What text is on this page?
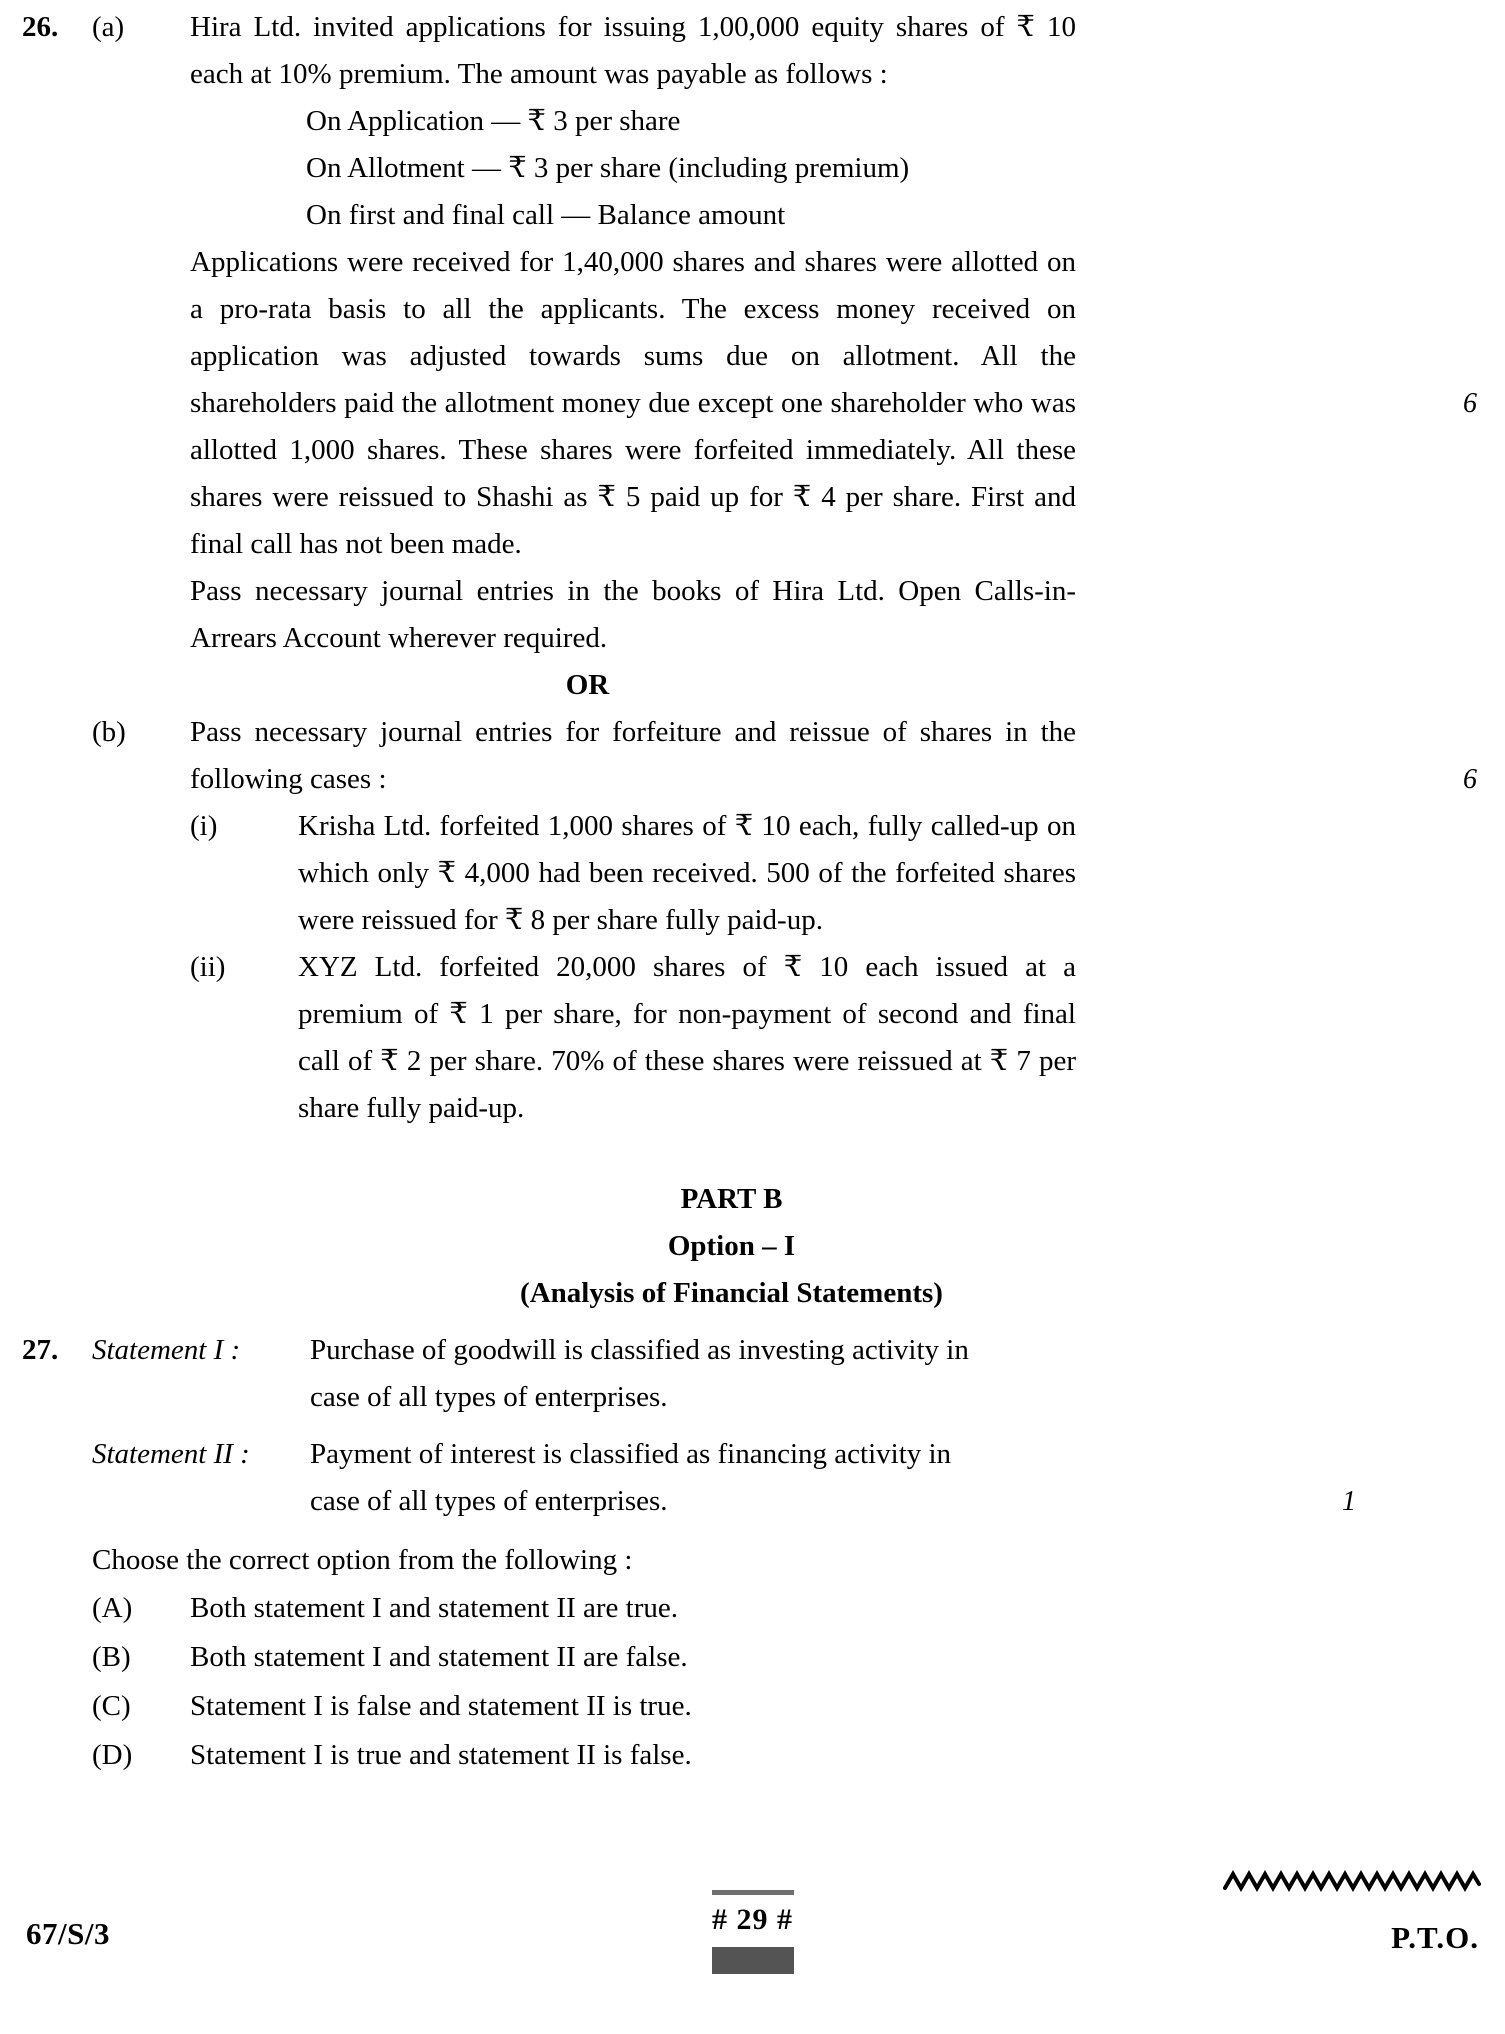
26.	(a)	Hira Ltd. invited applications for issuing 1,00,000 equity shares of ₹ 10 each at 10% premium. The amount was payable as follows :
On Application — ₹ 3 per share
On Allotment — ₹ 3 per share (including premium)
On first and final call — Balance amount
Applications were received for 1,40,000 shares and shares were allotted on a pro-rata basis to all the applicants. The excess money received on application was adjusted towards sums due on allotment. All the shareholders paid the allotment money due except one shareholder who was allotted 1,000 shares. These shares were forfeited immediately. All these shares were reissued to Shashi as ₹ 5 paid up for ₹ 4 per share. First and final call has not been made.
Pass necessary journal entries in the books of Hira Ltd. Open Calls-in-Arrears Account wherever required.
6
OR
(b)	Pass necessary journal entries for forfeiture and reissue of shares in the following cases :	6
(i)	Krisha Ltd. forfeited 1,000 shares of ₹ 10 each, fully called-up on which only ₹ 4,000 had been received. 500 of the forfeited shares were reissued for ₹ 8 per share fully paid-up.
(ii)	XYZ Ltd. forfeited 20,000 shares of ₹ 10 each issued at a premium of ₹ 1 per share, for non-payment of second and final call of ₹ 2 per share. 70% of these shares were reissued at ₹ 7 per share fully paid-up.
PART B
Option – I
(Analysis of Financial Statements)
27.	Statement I :	Purchase of goodwill is classified as investing activity in
case of all types of enterprises.
Statement II :	Payment of interest is classified as financing activity in
case of all types of enterprises.	1
Choose the correct option from the following :
(A)	Both statement I and statement II are true.
(B)	Both statement I and statement II are false.
(C)	Statement I is false and statement II is true.
(D)	Statement I is true and statement II is false.
67/S/3	# 29 #
P.T.O.
